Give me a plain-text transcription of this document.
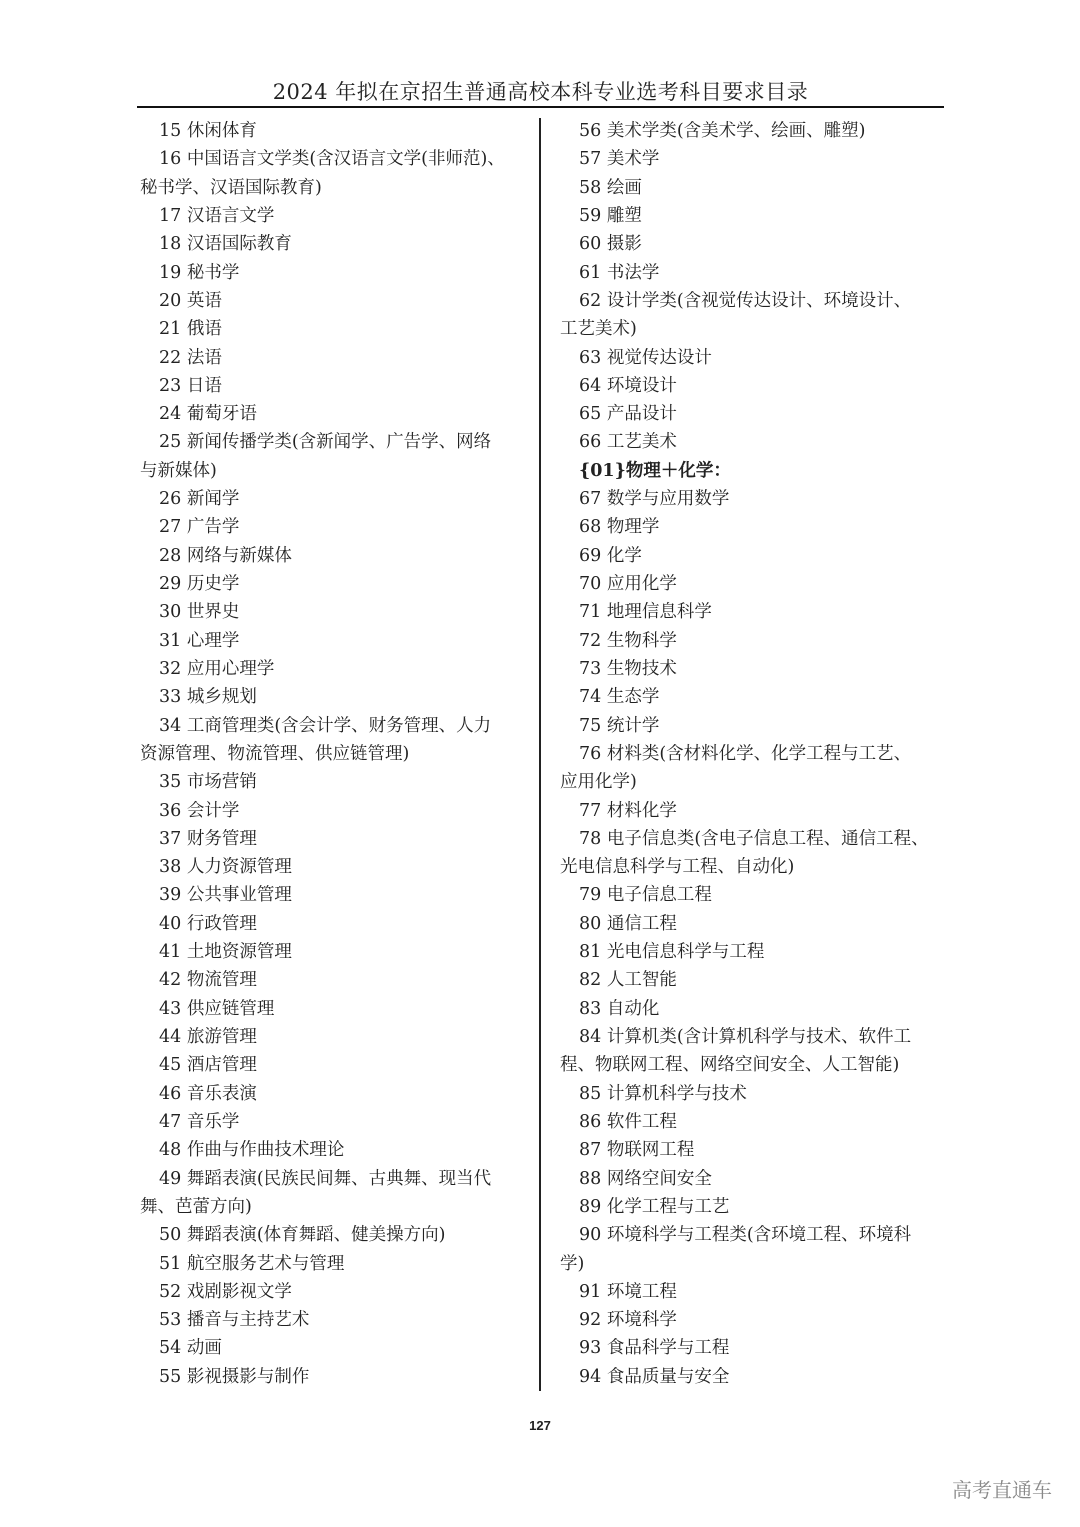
2024 年拟在京招生普通高校本科专业选考科目要求目录
15 休闲体育
16 中国语言文学类(含汉语言文学(非师范)、
秘书学、汉语国际教育)
17 汉语言文学
18 汉语国际教育
19 秘书学
20 英语
21 俄语
22 法语
23 日语
24 葡萄牙语
25 新闻传播学类(含新闻学、广告学、网络
与新媒体)
26 新闻学
27 广告学
28 网络与新媒体
29 历史学
30 世界史
31 心理学
32 应用心理学
33 城乡规划
34 工商管理类(含会计学、财务管理、人力
资源管理、物流管理、供应链管理)
35 市场营销
36 会计学
37 财务管理
38 人力资源管理
39 公共事业管理
40 行政管理
41 土地资源管理
42 物流管理
43 供应链管理
44 旅游管理
45 酒店管理
46 音乐表演
47 音乐学
48 作曲与作曲技术理论
49 舞蹈表演(民族民间舞、古典舞、现当代
舞、芭蕾方向)
50 舞蹈表演(体育舞蹈、健美操方向)
51 航空服务艺术与管理
52 戏剧影视文学
53 播音与主持艺术
54 动画
55 影视摄影与制作
56 美术学类(含美术学、绘画、雕塑)
57 美术学
58 绘画
59 雕塑
60 摄影
61 书法学
62 设计学类(含视觉传达设计、环境设计、
工艺美术)
63 视觉传达设计
64 环境设计
65 产品设计
66 工艺美术
{01}物理＋化学：
67 数学与应用数学
68 物理学
69 化学
70 应用化学
71 地理信息科学
72 生物科学
73 生物技术
74 生态学
75 统计学
76 材料类(含材料化学、化学工程与工艺、
应用化学)
77 材料化学
78 电子信息类(含电子信息工程、通信工程、
光电信息科学与工程、自动化)
79 电子信息工程
80 通信工程
81 光电信息科学与工程
82 人工智能
83 自动化
84 计算机类(含计算机科学与技术、软件工
程、物联网工程、网络空间安全、人工智能)
85 计算机科学与技术
86 软件工程
87 物联网工程
88 网络空间安全
89 化学工程与工艺
90 环境科学与工程类(含环境工程、环境科
学)
91 环境工程
92 环境科学
93 食品科学与工程
94 食品质量与安全
127
高考直通车
